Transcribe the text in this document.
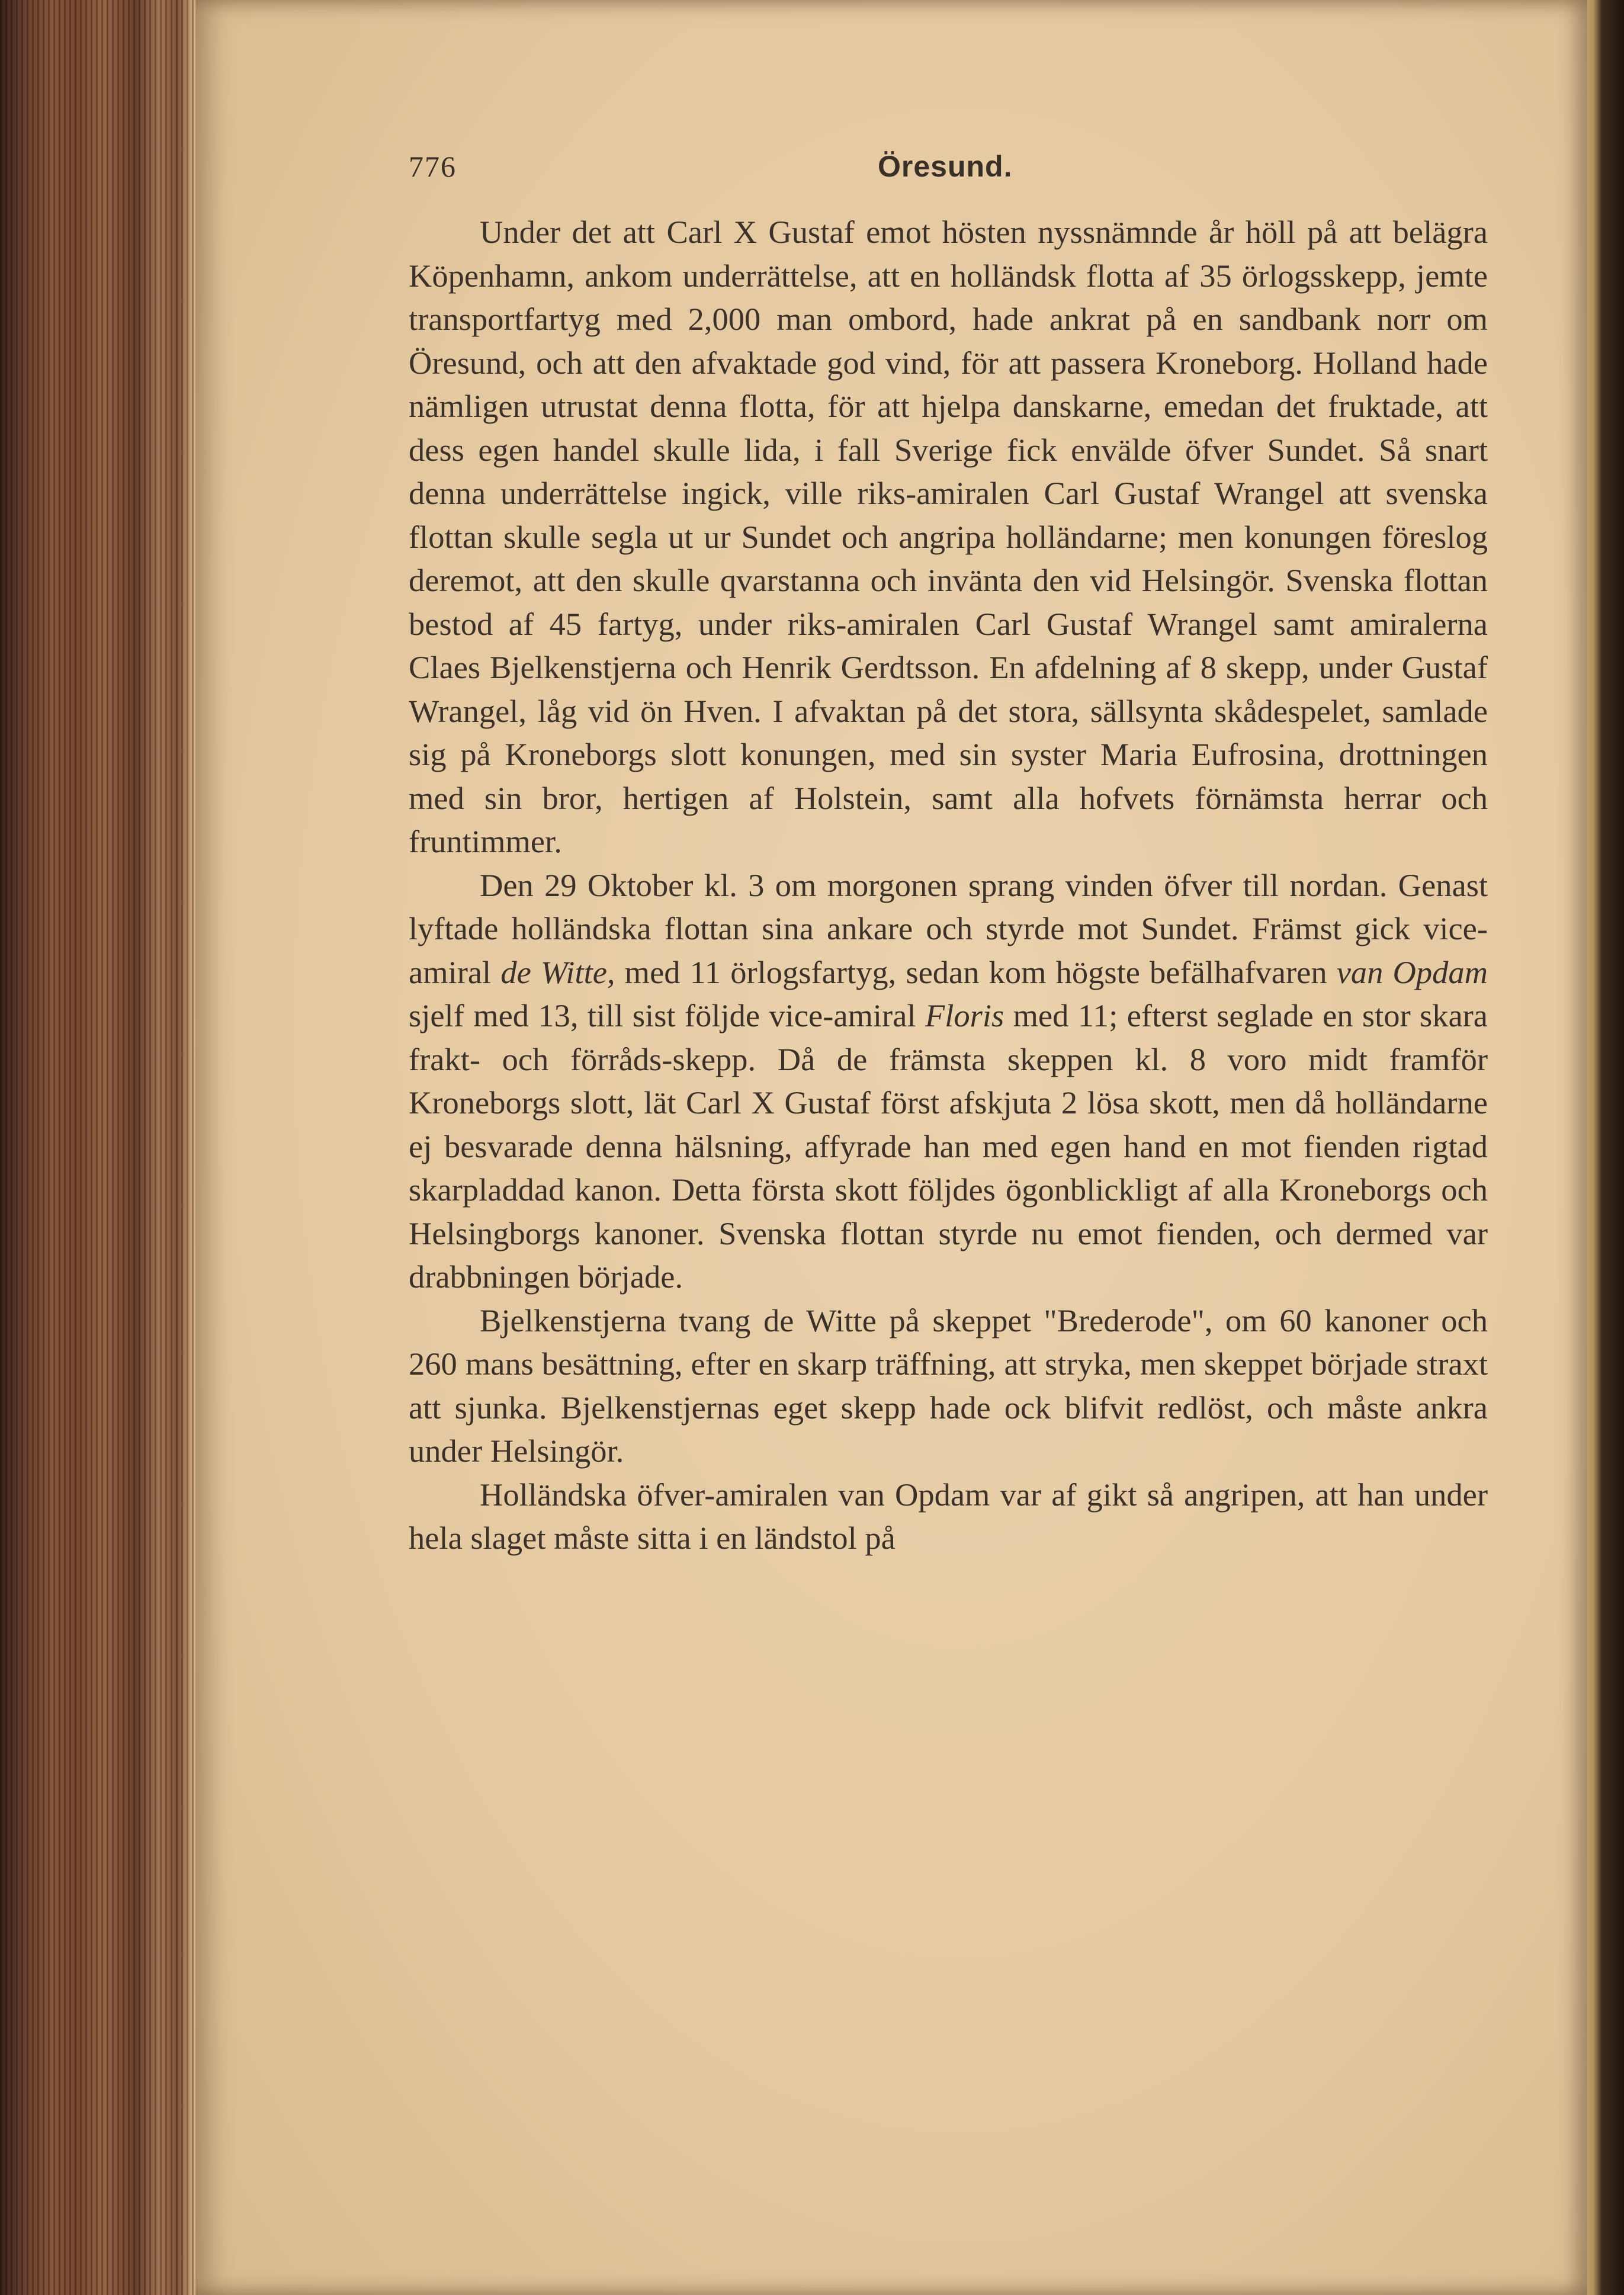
776	Öresund.

Under det att Carl X Gustaf emot hösten nyssnämnde år höll på att belägra Köpenhamn, ankom underrättelse, att en holländsk flotta af 35 örlogsskepp, jemte transportfartyg med 2,000 man ombord, hade ankrat på en sandbank norr om Öresund, och att den afvaktade god vind, för att passera Kroneborg. Holland hade nämligen utrustat denna flotta, för att hjelpa danskarne, emedan det fruktade, att dess egen handel skulle lida, i fall Sverige fick envälde öfver Sundet. Så snart denna underrättelse ingick, ville riks-amiralen Carl Gustaf Wrangel att svenska flottan skulle segla ut ur Sundet och angripa holländarne; men konungen föreslog deremot, att den skulle qvarstanna och invänta den vid Helsingör. Svenska flottan bestod af 45 fartyg, under riks-amiralen Carl Gustaf Wrangel samt amiralerna Claes Bjelkenstjerna och Henrik Gerdtsson. En afdelning af 8 skepp, under Gustaf Wrangel, låg vid ön Hven. I afvaktan på det stora, sällsynta skådespelet, samlade sig på Kroneborgs slott konungen, med sin syster Maria Eufrosina, drottningen med sin bror, hertigen af Holstein, samt alla hofvets förnämsta herrar och fruntimmer.

Den 29 Oktober kl. 3 om morgonen sprang vinden öfver till nordan. Genast lyftade holländska flottan sina ankare och styrde mot Sundet. Främst gick vice-amiral de Witte, med 11 örlogsfartyg, sedan kom högste befälhafvaren van Opdam sjelf med 13, till sist följde vice-amiral Floris med 11; efterst seglade en stor skara frakt- och förråds-skepp. Då de främsta skeppen kl. 8 voro midt framför Kroneborgs slott, lät Carl X Gustaf först afskjuta 2 lösa skott, men då holländarne ej besvarade denna hälsning, affyrade han med egen hand en mot fienden rigtad skarpladdad kanon. Detta första skott följdes ögonblickligt af alla Kroneborgs och Helsingborgs kanoner. Svenska flottan styrde nu emot fienden, och dermed var drabbningen började.

Bjelkenstjerna tvang de Witte på skeppet "Brederode", om 60 kanoner och 260 mans besättning, efter en skarp träffning, att stryka, men skeppet började straxt att sjunka. Bjelkenstjernas eget skepp hade ock blifvit redlöst, och måste ankra under Helsingör.

Holländska öfver-amiralen van Opdam var af gikt så angripen, att han under hela slaget måste sitta i en ländstol på
